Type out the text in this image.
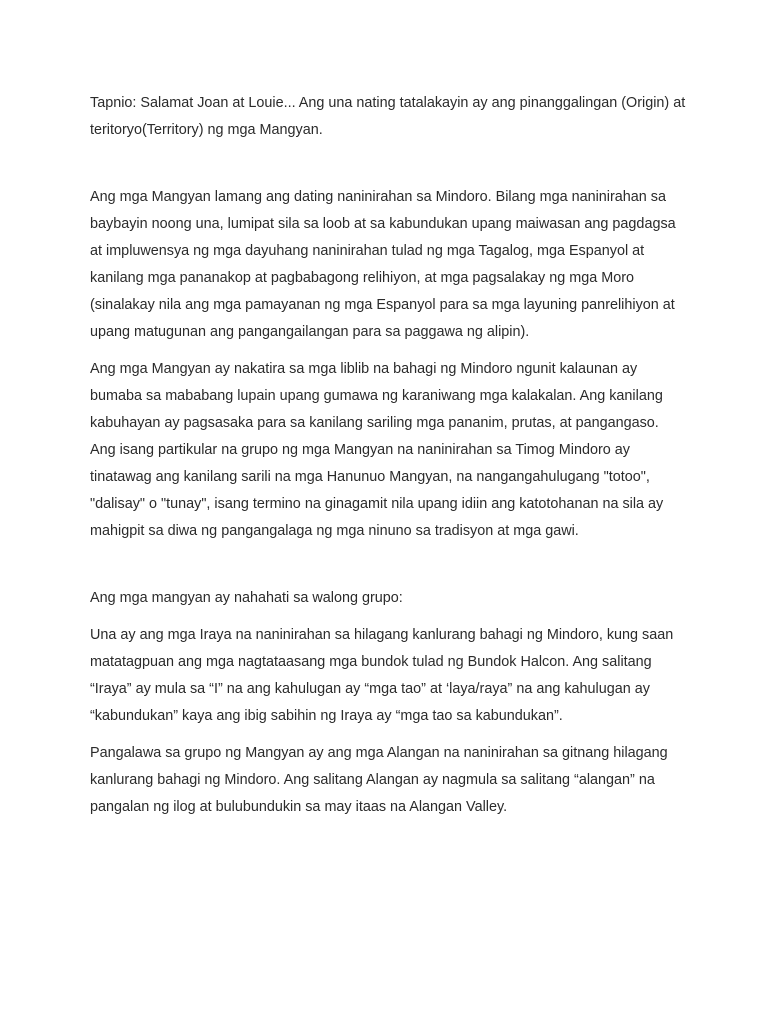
Tapnio: Salamat Joan at Louie... Ang una nating tatalakayin ay ang pinanggalingan (Origin) at teritoryo(Territory) ng mga Mangyan.

Ang mga Mangyan lamang ang dating naninirahan sa Mindoro. Bilang mga naninirahan sa baybayin noong una, lumipat sila sa loob at sa kabundukan upang maiwasan ang pagdagsa at impluwensya ng mga dayuhang naninirahan tulad ng mga Tagalog, mga Espanyol at kanilang mga pananakop at pagbabagong relihiyon, at mga pagsalakay ng mga Moro (sinalakay nila ang mga pamayanan ng mga Espanyol para sa mga layuning panrelihiyon at upang matugunan ang pangangailangan para sa paggawa ng alipin).

Ang mga Mangyan ay nakatira sa mga liblib na bahagi ng Mindoro ngunit kalaunan ay bumaba sa mababang lupain upang gumawa ng karaniwang mga kalakalan. Ang kanilang kabuhayan ay pagsasaka para sa kanilang sariling mga pananim, prutas, at pangangaso. Ang isang partikular na grupo ng mga Mangyan na naninirahan sa Timog Mindoro ay tinatawag ang kanilang sarili na mga Hanunuo Mangyan, na nangangahulugang "totoo", "dalisay" o "tunay", isang termino na ginagamit nila upang idiin ang katotohanan na sila ay mahigpit sa diwa ng pangangalaga ng mga ninuno sa tradisyon at mga gawi.

Ang mga mangyan ay nahahati sa walong grupo:

Una ay ang mga Iraya na naninirahan sa hilagang kanlurang bahagi ng Mindoro, kung saan matatagpuan ang mga nagtataasang mga bundok tulad ng Bundok Halcon. Ang salitang “Iraya” ay mula sa “I” na ang kahulugan ay “mga tao” at ‘laya/raya” na ang kahulugan ay “kabundukan” kaya ang ibig sabihin ng Iraya ay “mga tao sa kabundukan”.

Pangalawa sa grupo ng Mangyan ay ang mga Alangan na naninirahan sa gitnang hilagang kanlurang bahagi ng Mindoro. Ang salitang Alangan ay nagmula sa salitang “alangan” na pangalan ng ilog at bulubundukin sa may itaas na Alangan Valley.
